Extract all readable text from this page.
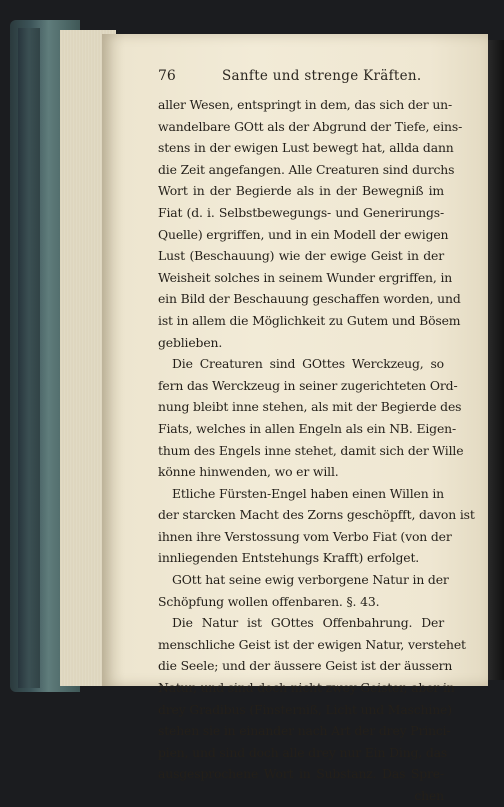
76	Sanfte und strenge Kräften.
aller Wesen, entspringt in dem, das sich der un-
wandelbare GOtt als der Abgrund der Tiefe, eins-
stens in der ewigen Lust bewegt hat, allda dann
die Zeit angefangen. Alle Creaturen sind durchs
Wort in der Begierde als in der Bewegniß im
Fiat (d. i. Selbstbewegungs- und Generirungs-
Quelle) ergriffen, und in ein Modell der ewigen
Lust (Beschauung) wie der ewige Geist in der
Weisheit solches in seinem Wunder ergriffen, in
ein Bild der Beschauung geschaffen worden, und
ist in allem die Möglichkeit zu Gutem und Bösem
geblieben.
Die Creaturen sind GOttes Werckzeug, so
fern das Werckzeug in seiner zugerichteten Ord-
nung bleibt inne stehen, als mit der Begierde des
Fiats, welches in allen Engeln als ein NB. Eigen-
thum des Engels inne stehet, damit sich der Wille
könne hinwenden, wo er will.
Etliche Fürsten-Engel haben einen Willen in
der starcken Macht des Zorns geschöpfft, davon ist
ihnen ihre Verstossung vom Verbo Fiat (von der
innliegenden Entstehungs Krafft) erfolget.
GOtt hat seine ewig verborgene Natur in der
Schöpfung wollen offenbaren. §. 43.
Die Natur ist GOttes Offenbahrung. Der
menschliche Geist ist der ewigen Natur, verstehet
die Seele; und der äussere Geist ist der äussern
Natur, und sind doch nicht zwey Geister, aber in
drey Gradibus (Finsterniß, Licht und Maschine)
stehen sie in einander nach Art der drey Princi-
pien, und sind doch alle drey nur Ein Ding, das
ausgesprochene Wort in Substanz. Das Spre-
chen
